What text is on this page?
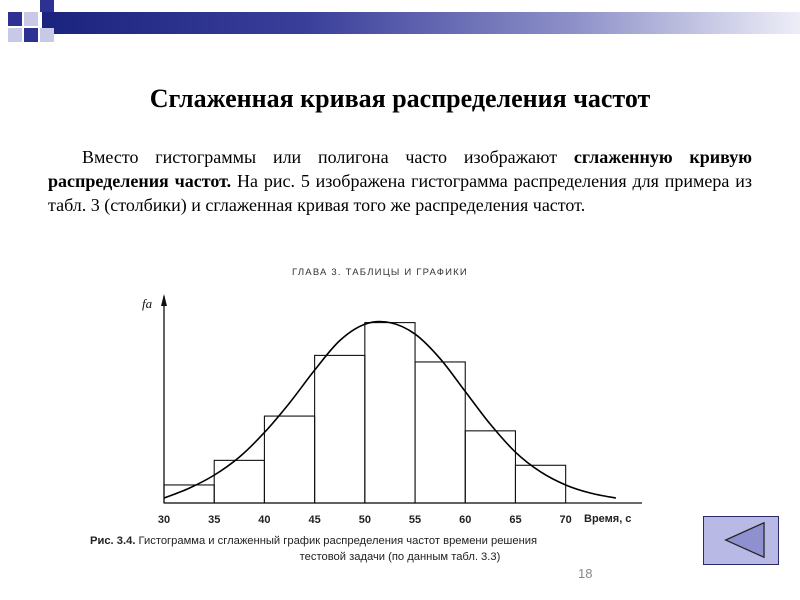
Сглаженная кривая распределения частот
Вместо гистограммы или полигона часто изображают сглаженную кривую распределения частот. На рис. 5 изображена гистограмма распределения для примера из табл. 3 (столбики) и сглаженная кривая того же распределения частот.
ГЛАВА 3. ТАБЛИЦЫ И ГРАФИКИ
fa
30	35	40	45	50	55	60	65	70 Время, с
Рис. 3.4. Гистограмма и сглаженный график распределения частот времени решения
тестовой задачи (по данным табл. 3.3)
18
